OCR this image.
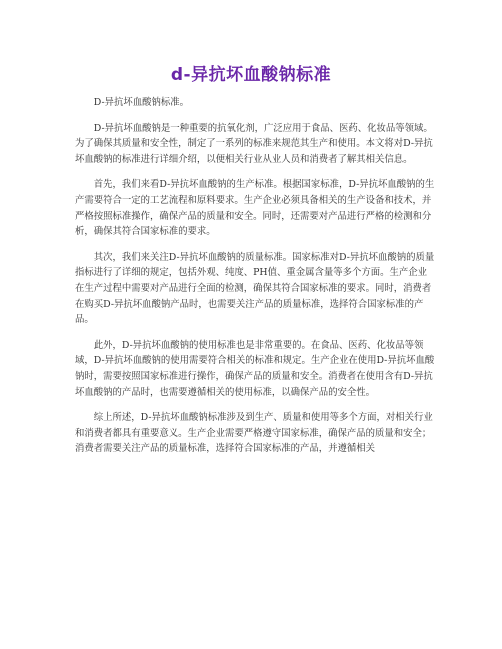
d-异抗坏血酸钠标准

D-异抗坏血酸钠标准。

D-异抗坏血酸钠是一种重要的抗氧化剂，广泛应用于食品、医药、化妆品等领域。为了确保其质量和安全性，制定了一系列的标准来规范其生产和使用。本文将对D-异抗坏血酸钠的标准进行详细介绍，以便相关行业从业人员和消费者了解其相关信息。

首先，我们来看D-异抗坏血酸钠的生产标准。根据国家标准，D-异抗坏血酸钠的生产需要符合一定的工艺流程和原料要求。生产企业必须具备相关的生产设备和技术，并严格按照标准操作，确保产品的质量和安全。同时，还需要对产品进行严格的检测和分析，确保其符合国家标准的要求。

其次，我们来关注D-异抗坏血酸钠的质量标准。国家标准对D-异抗坏血酸钠的质量指标进行了详细的规定，包括外观、纯度、PH值、重金属含量等多个方面。生产企业在生产过程中需要对产品进行全面的检测，确保其符合国家标准的要求。同时，消费者在购买D-异抗坏血酸钠产品时，也需要关注产品的质量标准，选择符合国家标准的产品。

此外，D-异抗坏血酸钠的使用标准也是非常重要的。在食品、医药、化妆品等领域，D-异抗坏血酸钠的使用需要符合相关的标准和规定。生产企业在使用D-异抗坏血酸钠时，需要按照国家标准进行操作，确保产品的质量和安全。消费者在使用含有D-异抗坏血酸钠的产品时，也需要遵循相关的使用标准，以确保产品的安全性。

综上所述，D-异抗坏血酸钠标准涉及到生产、质量和使用等多个方面，对相关行业和消费者都具有重要意义。生产企业需要严格遵守国家标准，确保产品的质量和安全；消费者需要关注产品的质量标准，选择符合国家标准的产品，并遵循相关
